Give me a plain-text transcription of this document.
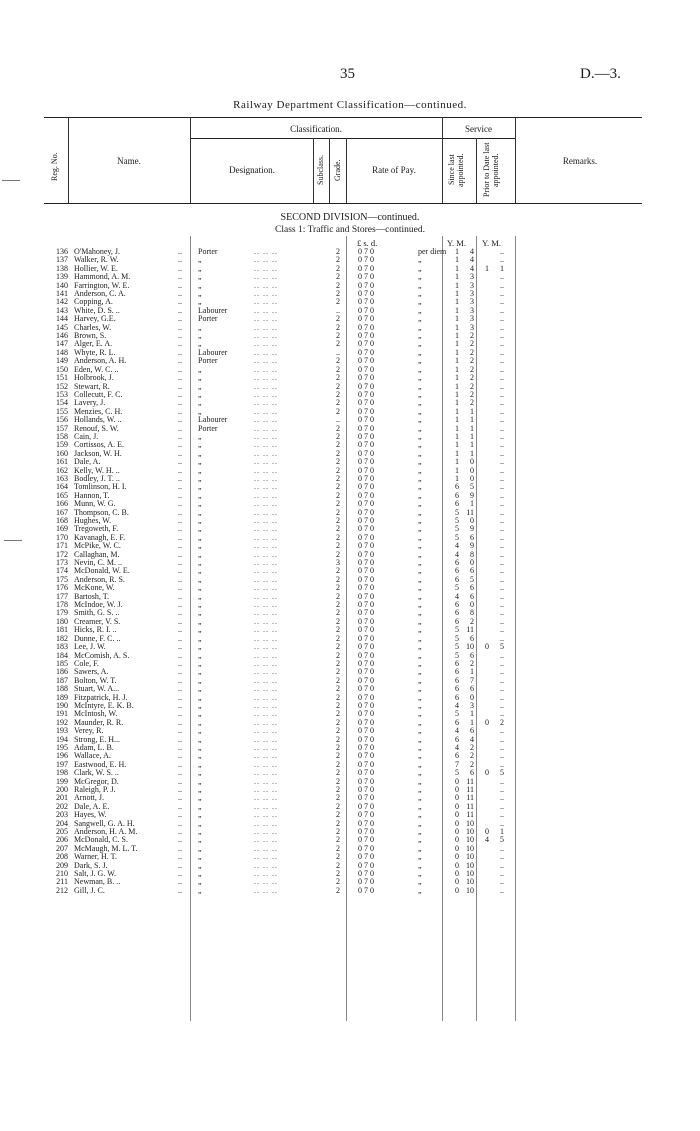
35	D.—3.
Railway Department Classification—continued.
Reg. No.	Name.
Classification.
Designation.	Subclass. Grade.	Rate of Pay.
Service
Since last appointed.	Prior to Date last appointed.	Remarks.
SECOND DIVISION—continued.
Class 1: Traffic and Stores—continued.
£ s. d.	Y. M. Y. M.
136 O'Mahoney, J.	.. Porter	.. .. ..	2	0 7 0	per diem	1	4	..
137 Walker, R. W.	.. „	.. .. ..	2	0 7 0	„	1	4	..
138 Hollier, W. E.	.. „	.. .. ..	2	0 7 0	„	1	4	1	1
139 Hammond, A. M.	.. „	.. .. ..	2	0 7 0	„	1	3	..
140 Farrington, W. E.	.. „	.. .. ..	2	0 7 0	„	1	3	..
141 Anderson, C. A.	.. „	.. .. ..	2	0 7 0	„	1	3	..
142 Copping, A.	.. „	.. .. ..	2	0 7 0	„	1	3	..
143 White, D. S. ..	.. Labourer	.. .. ..	..	0 7 0	„	1	3	..
144 Harvey, G.E.	.. Porter	.. .. ..	2	0 7 0	„	1	3	..
145 Charles, W.	.. „	.. .. ..	2	0 7 0	„	1	3	..
146 Brown, S.	.. „	.. .. ..	2	0 7 0	„	1	2	..
147 Alger, E. A.	.. „	.. .. ..	2	0 7 0	„	1	2	..
148 Whyte, R. L.	.. Labourer	.. .. ..	..	0 7 0	„	1	2	..
149 Anderson, A. H.	.. Porter	.. .. ..	2	0 7 0	„	1	2	..
150 Eden, W. C. ..	.. „	.. .. ..	2	0 7 0	„	1	2	..
151 Holbrook, J.	.. „	.. .. ..	2	0 7 0	„	1	2	..
152 Stewart, R.	.. „	.. .. ..	2	0 7 0	„	1	2	..
153 Collecutt, F. C.	.. „	.. .. ..	2	0 7 0	„	1	2	..
154 Lavery, J.	.. „	.. .. ..	2	0 7 0	„	1	2	..
155 Menzies, C. H.	.. „	.. .. ..	2	0 7 0	„	1	1	..
156 Hollands, W. ..	.. Labourer	.. .. ..	..	0 7 0	„	1	1	..
157 Renouf, S. W.	.. Porter	.. .. ..	2	0 7 0	„	1	1	..
158 Cain, J.	.. „	.. .. ..	2	0 7 0	„	1	1	..
159 Cortissos, A. E.	.. „	.. .. ..	2	0 7 0	„	1	1	..
160 Jackson, W. H.	.. „	.. .. ..	2	0 7 0	„	1	1	..
161 Dale, A.	.. „	.. .. ..	2	0 7 0	„	1	0	..
162 Kelly, W. H. ..	.. „	.. .. ..	2	0 7 0	„	1	0	..
163 Bodley, J. T. ..	.. „	.. .. ..	2	0 7 0	„	1	0	..
164 Tomlinson, H. I.	.. „	.. .. ..	2	0 7 0	„	6	5	..
165 Hannon, T.	.. „	.. .. ..	2	0 7 0	„	6	9	..
166 Munn, W. G.	.. „	.. .. ..	2	0 7 0	„	6	1	..
167 Thompson, C. B.	.. „	.. .. ..	2	0 7 0	„	5 11	..
168 Hughes, W.	.. „	.. .. ..	2	0 7 0	„	5	0	..
169 Tregoweth, F.	.. „	.. .. ..	2	0 7 0	„	5	9	..
170 Kavanagh, E. F.	.. „	.. .. ..	2	0 7 0	„	5	6	..
171 McPike, W. C.	.. „	.. .. ..	2	0 7 0	„	4	9	..
172 Callaghan, M.	.. „	.. .. ..	2	0 7 0	„	4	8	..
173 Nevin, C. M. ..	.. „	.. .. ..	3	0 7 0	„	6	0	..
174 McDonald, W. E.	.. „	.. .. ..	2	0 7 0	„	6	6	..
175 Anderson, R. S.	.. „	.. .. ..	2	0 7 0	„	6	5	..
176 McKone, W.	.. „	.. .. ..	2	0 7 0	„	5	6	..
177 Bartosh, T.	.. „	.. .. ..	2	0 7 0	„	4	6	..
178 McIndoe, W. J.	.. „	.. .. ..	2	0 7 0	„	6	0	..
179 Smith, G. S. ..	.. „	.. .. ..	2	0 7 0	„	6	8	..
180 Creamer, V. S.	.. „	.. .. ..	2	0 7 0	„	6	2	..
181 Hicks, R. I. ..	.. „	.. .. ..	2	0 7 0	„	5 11	..
182 Dunne, F. C. ..	.. „	.. .. ..	2	0 7 0	„	5	6	..
183 Lee, J. W.	.. „	.. .. ..	2	0 7 0	„	5 10	0	5
184 McComish, A. S.	.. „	.. .. ..	2	0 7 0	„	5	6	..
185 Cole, F.	.. „	.. .. ..	2	0 7 0	„	6	2	..
186 Sawers, A.	.. „	.. .. ..	2	0 7 0	„	6	1	..
187 Bolton, W. T.	.. „	.. .. ..	2	0 7 0	„	6	7	..
188 Stuart, W. A...	.. „	.. .. ..	2	0 7 0	„	6	6	..
189 Fitzpatrick, H. J.	.. „	.. .. ..	2	0 7 0	„	6	0	..
190 McIntyre, E. K. B.	.. „	.. .. ..	2	0 7 0	„	4	3	..
191 McIntosh, W.	.. „	.. .. ..	2	0 7 0	„	5	1	..
192 Maunder, R. R.	.. „	.. .. ..	2	0 7 0	„	6	1	0	2
193 Verey, R.	.. „	.. .. ..	2	0 7 0	„	4	6	..
194 Strong, E. H...	.. „	.. .. ..	2	0 7 0	„	6	4	..
195 Adam, L. B.	.. „	.. .. ..	2	0 7 0	„	4	2	..
196 Wallace, A.	.. „	.. .. ..	2	0 7 0	„	6	2	..
197 Eastwood, E. H.	.. „	.. .. ..	2	0 7 0	„	7	2	..
198 Clark, W. S. ..	.. „	.. .. ..	2	0 7 0	„	5	6	0	5
199 McGregor, D.	.. „	.. .. ..	2	0 7 0	„	0 11	..
200 Raleigh, P. J.	.. „	.. .. ..	2	0 7 0	„	0 11	..
201 Arnott, J.	.. „	.. .. ..	2	0 7 0	„	0 11	..
202 Dale, A. E.	.. „	.. .. ..	2	0 7 0	„	0 11	..
203 Hayes, W.	.. „	.. .. ..	2	0 7 0	„	0 11	..
204 Sangwell, G. A. H.	.. „	.. .. ..	2	0 7 0	„	0 10	..
205 Anderson, H. A. M.	.. „	.. .. ..	2	0 7 0	„	0 10	0	1
206 McDonald, C. S.	.. „	.. .. ..	2	0 7 0	„	0 10	4	5
207 McMaugh, M. L. T.	.. „	.. .. ..	2	0 7 0	„	0 10	..
208 Warner, H. T.	.. „	.. .. ..	2	0 7 0	„	0 10	..
209 Dark, S. J.	.. „	.. .. ..	2	0 7 0	„	0 10	..
210 Salt, J. G. W.	.. „	.. .. ..	2	0 7 0	„	0 10	..
211 Newman, B. ..	.. „	.. .. ..	2	0 7 0	„	0 10	..
212 Gill, J. C.	.. „	.. .. ..	2	0 7 0	„	0 10	..
